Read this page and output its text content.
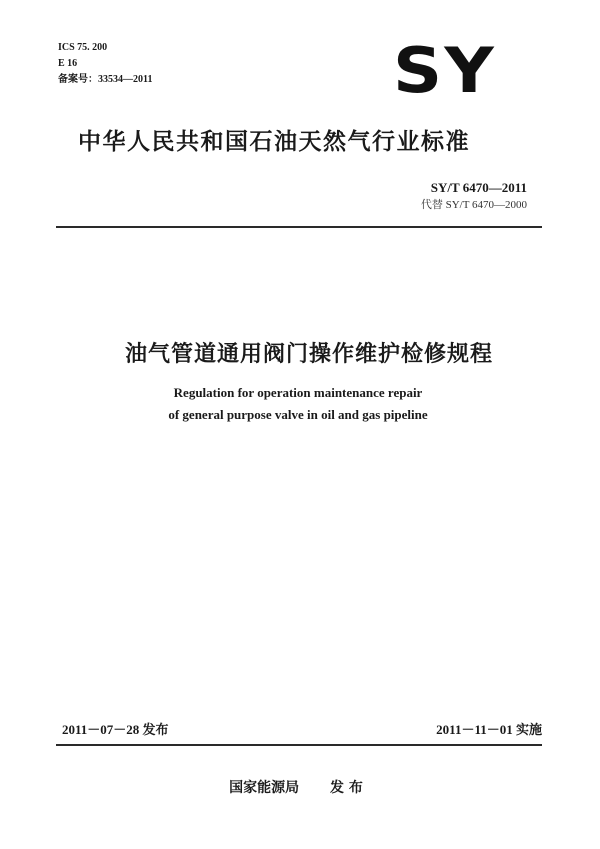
ICS 75. 200
E 16
备案号：33534—2011	SY
中华人民共和国石油天然气行业标准
SY/T 6470—2011
代替 SY/T 6470—2000
油气管道通用阀门操作维护检修规程
Regulation for operation maintenance repair
of general purpose valve in oil and gas pipeline
2011－07－28 发布	2011－11－01 实施
国家能源局 发 布
